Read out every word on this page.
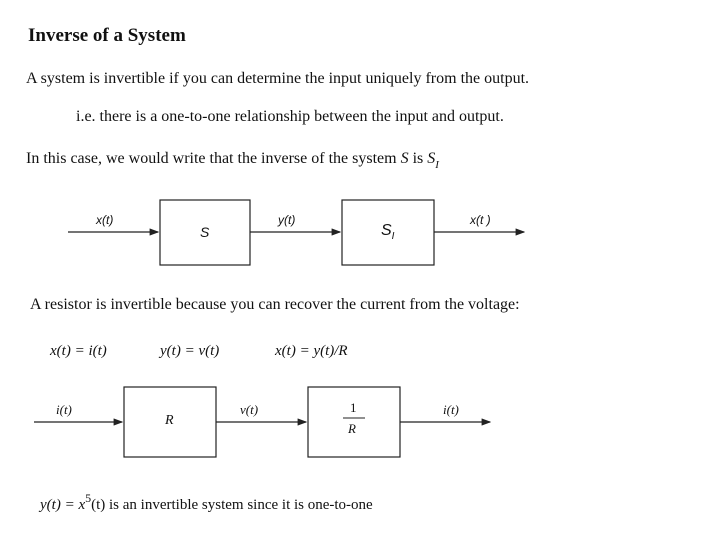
Inverse of a System
A system is invertible if you can determine the input uniquely from the output.
i.e. there is a one-to-one relationship between the input and output.
In this case, we would write that the inverse of the system S is $S_I$
x(t)
S
y(t)
$S_I$
x(t )
A resistor is invertible because you can recover the current from the voltage:
x(t) = i(t)	y(t) = v(t)	x(t) = y(t)/R
i(t)
R
v(t)	1
R
i(t)
$y(t) = x^5(t)$ is an invertible system since it is one-to-one
